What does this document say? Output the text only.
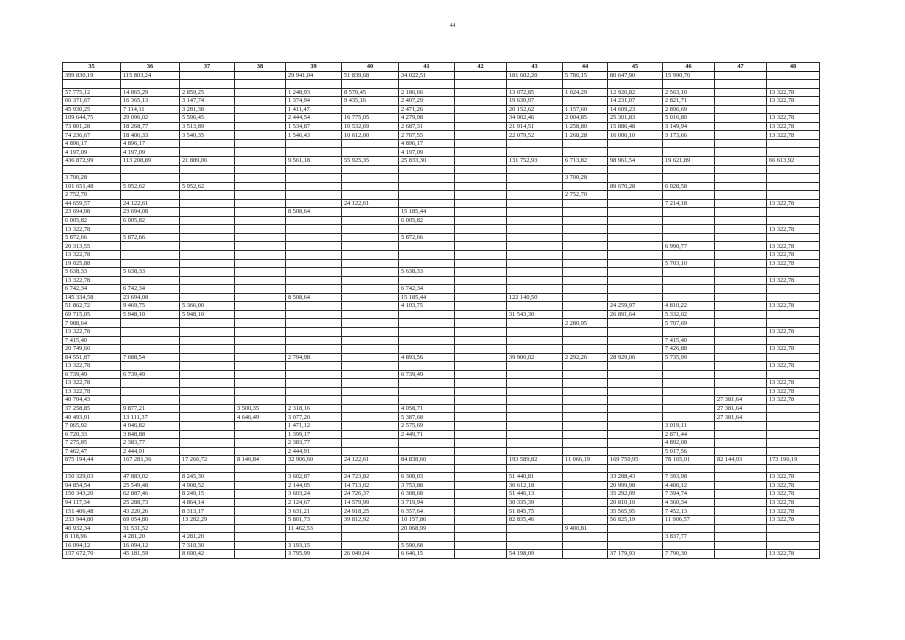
44
35	36	37	38	39	40	41	42	43	44	45	46	47	48
399 830,19	115 803,24			29 941,04	51 839,68	34 022,51		181 602,20	5 786,15	80 647,90	15 990,70		

57 775,12	14 865,29	2 859,25		1 248,93	8 570,45	2 186,66		13 072,85	1 024,29	12 926,82	2 563,10		13 322,78
66 371,67	16 365,13	3 147,74		1 374,94	9 435,16	2 407,29		19 630,97		14 231,07	2 821,71		13 322,78
45 930,25	7 114,11	3 281,38		1 411,47		2 471,26		20 152,62	1 157,60	14 609,23	2 896,69		
109 644,75	29 096,02	5 596,45		2 444,54	16 775,05	4 279,98		34 902,46	2 004,85	25 301,83	5 016,80		13 322,78
73 801,28	18 268,77	3 513,89		1 534,87	10 532,69	2 687,31		21 914,51	1 258,80	15 886,48	3 149,94		13 322,78
74 236,67	18 406,33	3 540,35		1 546,43	10 612,00	2 707,55		22 079,52	1 268,28	16 006,10	3 173,66		13 322,78
4 896,17	4 896,17					4 896,17							
4 197,09	4 197,09					4 197,09							
436 872,99	113 208,89	21 889,06		9 561,18	55 925,35	25 833,30		131 752,93	6 713,82	98 961,54	19 621,89		66 613,92

3 700,28									3 700,28				
101 651,48	5 952,62	5 952,62								89 670,28	6 028,58		
2 752,70									2 752,70				
44 659,57	24 122,61				24 122,61						7 214,18		13 322,78
23 694,08	23 694,08			8 508,64		15 185,44							
6 005,82	6 005,82					6 005,82							
13 322,78													13 322,78
5 872,66	5 872,66					5 872,66							
20 313,55											6 990,77		13 322,78
13 322,78													13 322,78
19 025,88											5 703,10		13 322,78
5 638,33	5 638,33					5 638,33							
13 322,78													13 322,78
6 742,34	6 742,34					6 742,34							
145 334,58	23 694,08			8 508,64		15 185,44		122 140,50					
51 862,72	9 469,75	5 366,00				4 103,75				24 259,97	4 810,22		13 322,78
69 715,05	5 948,10	5 948,10						31 543,30		26 891,64	5 332,02		
7 988,64									2 280,95		5 707,69		
13 322,78													13 322,78
7 415,40											7 415,40		
20 749,66											7 426,88		13 322,78
84 551,87	7 688,54			2 794,98		4 893,56		39 906,02	2 292,26	28 929,06	5 735,99		
13 322,78													13 322,78
6 739,49	6 739,49					6 739,49							
13 322,78													13 322,78
13 322,78													13 322,78
40 704,43												27 381,64	13 322,78
37 258,85	9 877,21		3 500,35	2 318,16		4 058,71						27 381,64	
40 493,01	13 111,37		4 646,49	3 077,20		5 387,68						27 381,64	
7 065,92	4 046,82			1 471,12		2 575,69					3 019,11		
6 720,33	3 848,88			1 399,17		2 449,71					2 871,44		
7 275,85	2 383,77			2 383,77							4 892,08		
7 462,47	2 444,91			2 444,91							5 017,56		
875 194,44	167 281,36	17 266,72	8 146,84	32 906,60	24 122,61	84 838,60		193 589,82	11 066,19	169 750,95	78 165,01	82 144,93	173 196,19

150 329,03	47 883,02	8 245,30		3 602,87	24 723,82	6 308,03		51 440,81		33 288,43	7 393,98		13 322,78
94 854,54	25 549,48	4 908,52		2 144,05	14 713,02	3 753,88		30 612,18		20 999,98	4 400,12		13 322,78
150 343,20	62 887,46	8 249,15		3 603,24	24 726,37	6 308,68		51 446,13		35 292,09	7 394,74		13 322,78
94 117,34	25 288,73	4 864,14		2 124,67	14 579,99	3 719,94		30 335,39		20 810,10	4 360,34		13 322,78
151 406,48	43 220,26	8 313,17		3 631,21	24 918,25	6 357,64		51 845,75		35 565,95	7 452,13		13 322,78
233 944,80	69 054,80	13 282,29		5 801,73	39 812,92	10 157,86		82 835,46		56 825,19	11 906,57		13 322,78
40 932,34	31 531,52			11 462,53		20 068,99			9 400,81				
8 118,96	4 281,20	4 281,20									3 837,77		
16 094,12	16 094,12	7 310,30		3 193,15		5 590,68							
157 672,70	45 181,59	8 690,42		3 795,99	26 049,04	6 646,15		54 198,09		37 179,93	7 790,30		13 322,78
